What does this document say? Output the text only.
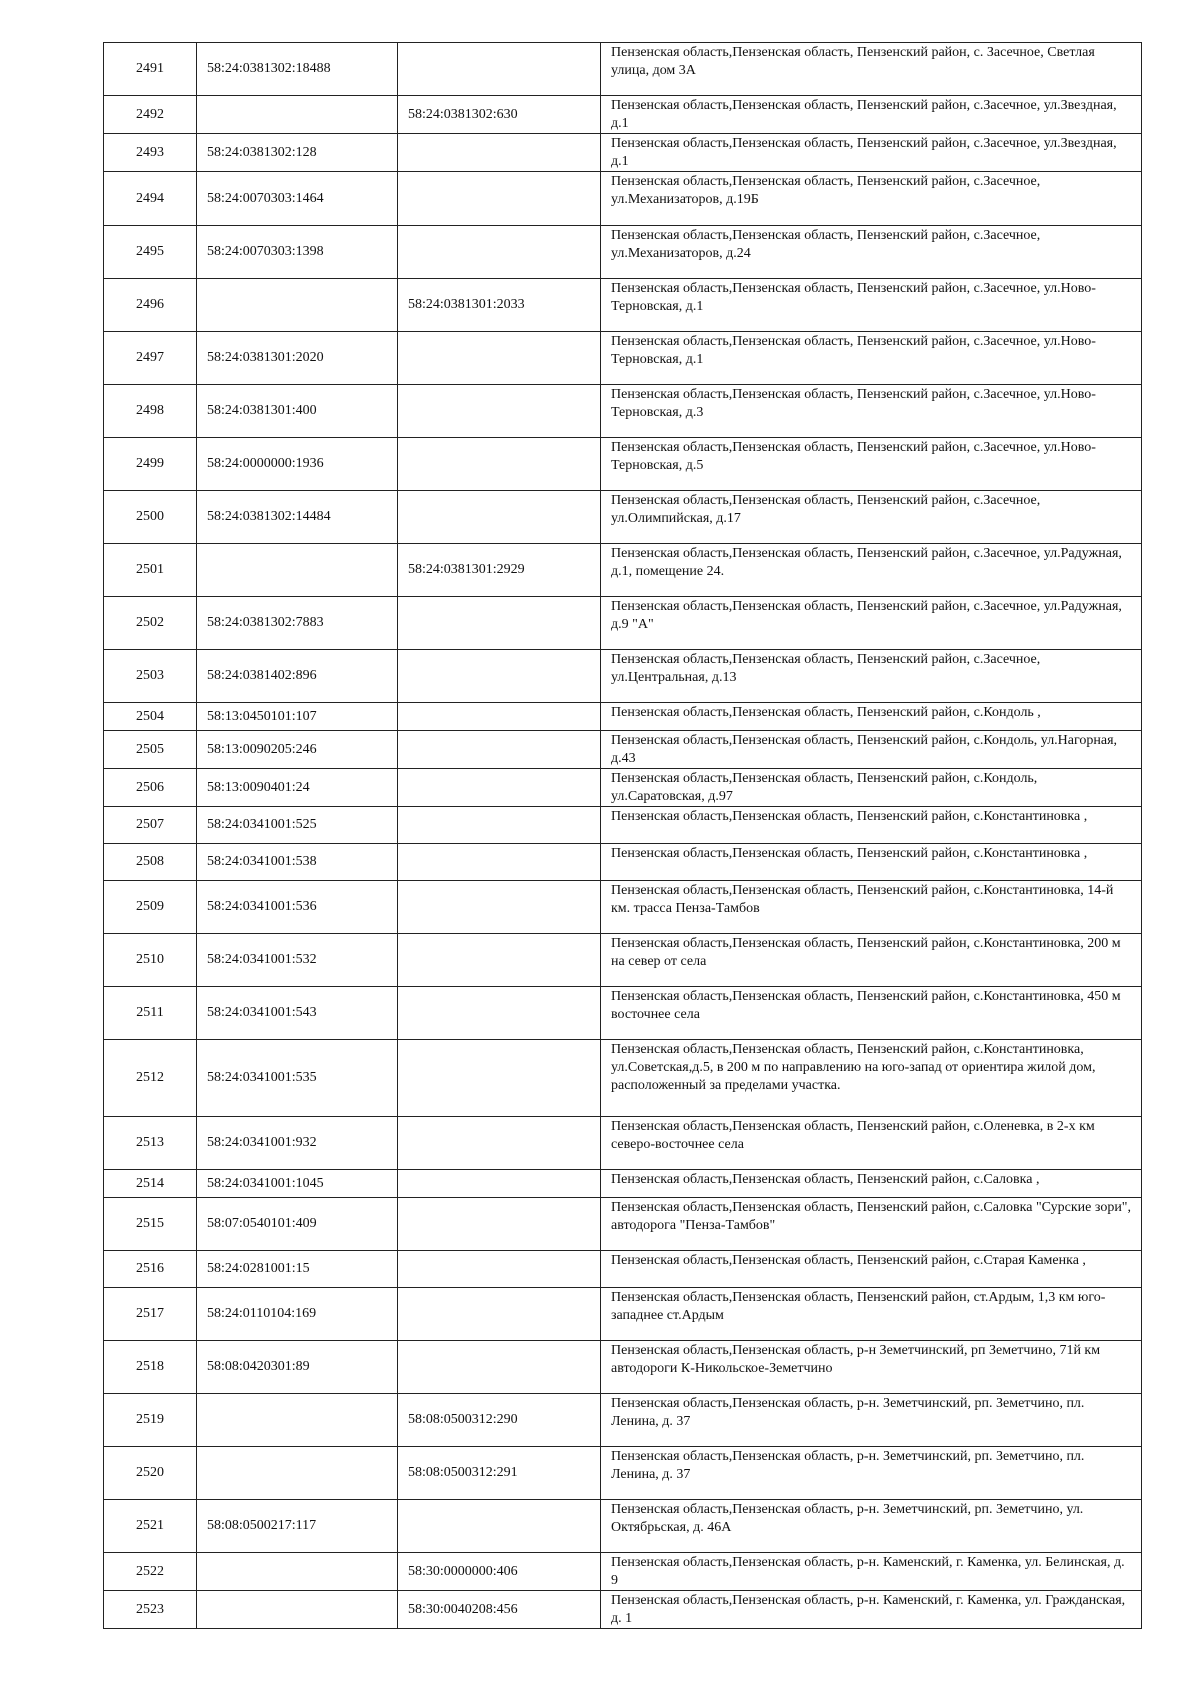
2491	58:24:0381302:18488		Пензенская область,Пензенская область, Пензенский район, с. Засечное, Светлая улица, дом 3А
2492		58:24:0381302:630	Пензенская область,Пензенская область, Пензенский район, с.Засечное, ул.Звездная, д.1
2493	58:24:0381302:128		Пензенская область,Пензенская область, Пензенский район, с.Засечное, ул.Звездная, д.1
2494	58:24:0070303:1464		Пензенская область,Пензенская область, Пензенский район, с.Засечное, ул.Механизаторов, д.19Б
2495	58:24:0070303:1398		Пензенская область,Пензенская область, Пензенский район, с.Засечное, ул.Механизаторов, д.24
2496		58:24:0381301:2033	Пензенская область,Пензенская область, Пензенский район, с.Засечное, ул.Ново-Терновская, д.1
2497	58:24:0381301:2020		Пензенская область,Пензенская область, Пензенский район, с.Засечное, ул.Ново-Терновская, д.1
2498	58:24:0381301:400		Пензенская область,Пензенская область, Пензенский район, с.Засечное, ул.Ново-Терновская, д.3
2499	58:24:0000000:1936		Пензенская область,Пензенская область, Пензенский район, с.Засечное, ул.Ново-Терновская, д.5
2500	58:24:0381302:14484		Пензенская область,Пензенская область, Пензенский район, с.Засечное, ул.Олимпийская, д.17
2501		58:24:0381301:2929	Пензенская область,Пензенская область, Пензенский район, с.Засечное, ул.Радужная, д.1, помещение 24.
2502	58:24:0381302:7883		Пензенская область,Пензенская область, Пензенский район, с.Засечное, ул.Радужная, д.9 "А"
2503	58:24:0381402:896		Пензенская область,Пензенская область, Пензенский район, с.Засечное, ул.Центральная, д.13
2504	58:13:0450101:107		Пензенская область,Пензенская область, Пензенский район, с.Кондоль ,
2505	58:13:0090205:246		Пензенская область,Пензенская область, Пензенский район, с.Кондоль, ул.Нагорная, д.43
2506	58:13:0090401:24		Пензенская область,Пензенская область, Пензенский район, с.Кондоль, ул.Саратовская, д.97
2507	58:24:0341001:525		Пензенская область,Пензенская область, Пензенский район, с.Константиновка ,
2508	58:24:0341001:538		Пензенская область,Пензенская область, Пензенский район, с.Константиновка ,
2509	58:24:0341001:536		Пензенская область,Пензенская область, Пензенский район, с.Константиновка, 14-й км. трасса Пенза-Тамбов
2510	58:24:0341001:532		Пензенская область,Пензенская область, Пензенский район, с.Константиновка, 200 м на север от села
2511	58:24:0341001:543		Пензенская область,Пензенская область, Пензенский район, с.Константиновка, 450 м восточнее села
2512	58:24:0341001:535		Пензенская область,Пензенская область, Пензенский район, с.Константиновка, ул.Советская,д.5, в 200 м по направлению на юго-запад от ориентира жилой дом, расположенный за пределами участка.
2513	58:24:0341001:932		Пензенская область,Пензенская область, Пензенский район, с.Оленевка, в 2-х км северо-восточнее села
2514	58:24:0341001:1045		Пензенская область,Пензенская область, Пензенский район, с.Саловка ,
2515	58:07:0540101:409		Пензенская область,Пензенская область, Пензенский район, с.Саловка "Сурские зори", автодорога "Пенза-Тамбов"
2516	58:24:0281001:15		Пензенская область,Пензенская область, Пензенский район, с.Старая Каменка ,
2517	58:24:0110104:169		Пензенская область,Пензенская область, Пензенский район, ст.Ардым, 1,3 км юго-западнее ст.Ардым
2518	58:08:0420301:89		Пензенская область,Пензенская область, р-н Земетчинский, рп Земетчино, 71й км автодороги К-Никольское-Земетчино
2519		58:08:0500312:290	Пензенская область,Пензенская область, р-н. Земетчинский, рп. Земетчино, пл. Ленина, д. 37
2520		58:08:0500312:291	Пензенская область,Пензенская область, р-н. Земетчинский, рп. Земетчино, пл. Ленина, д. 37
2521	58:08:0500217:117		Пензенская область,Пензенская область, р-н. Земетчинский, рп. Земетчино, ул. Октябрьская, д. 46А
2522		58:30:0000000:406	Пензенская область,Пензенская область, р-н. Каменский, г. Каменка, ул. Белинская, д. 9
2523		58:30:0040208:456	Пензенская область,Пензенская область, р-н. Каменский, г. Каменка, ул. Гражданская, д. 1
